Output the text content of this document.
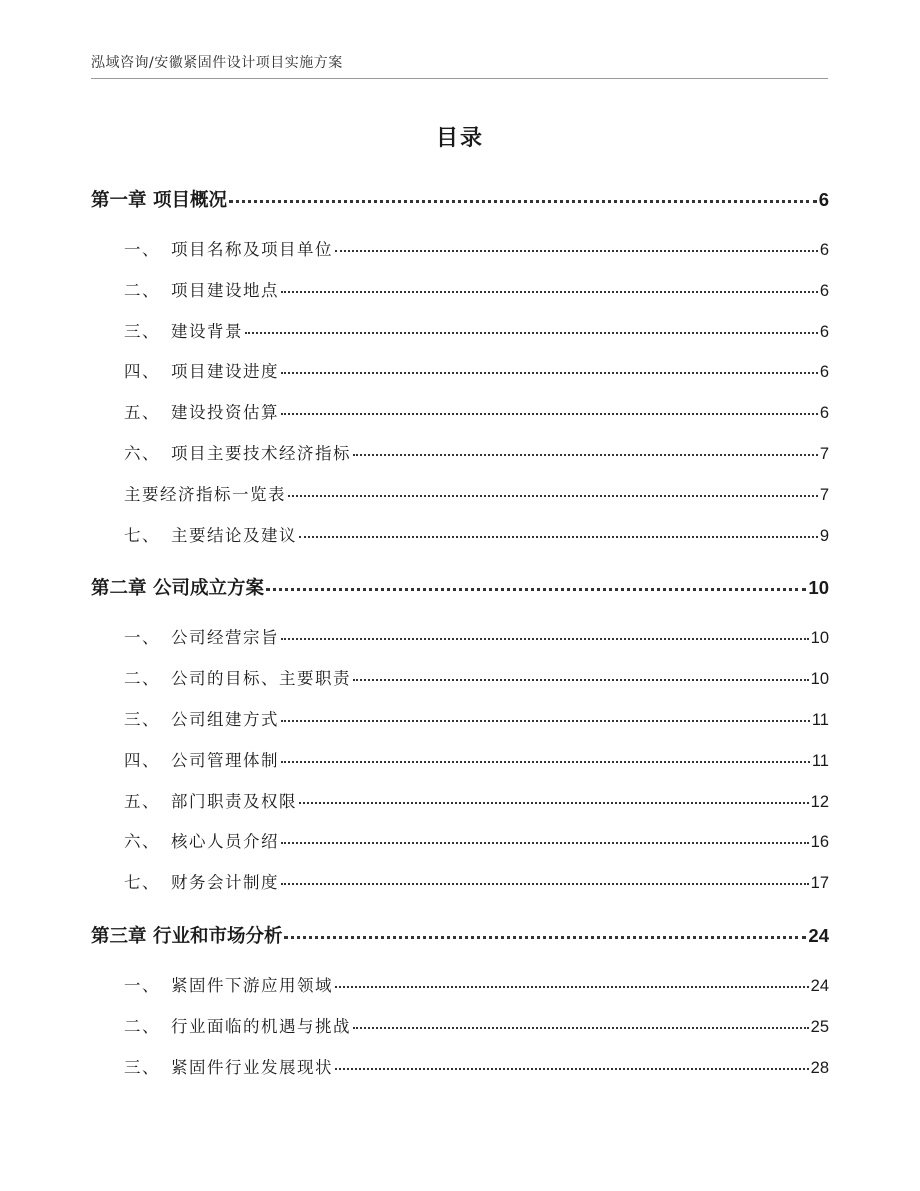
泓域咨询/安徽紧固件设计项目实施方案
目录
第一章 项目概况	6
一、 项目名称及项目单位	6
二、 项目建设地点	6
三、 建设背景	6
四、 项目建设进度	6
五、 建设投资估算	6
六、 项目主要技术经济指标	7
主要经济指标一览表	7
七、 主要结论及建议	9
第二章 公司成立方案	10
一、 公司经营宗旨	10
二、 公司的目标、主要职责	10
三、 公司组建方式	11
四、 公司管理体制	11
五、 部门职责及权限	12
六、 核心人员介绍	16
七、 财务会计制度	17
第三章 行业和市场分析	24
一、 紧固件下游应用领域	24
二、 行业面临的机遇与挑战	25
三、 紧固件行业发展现状	28
